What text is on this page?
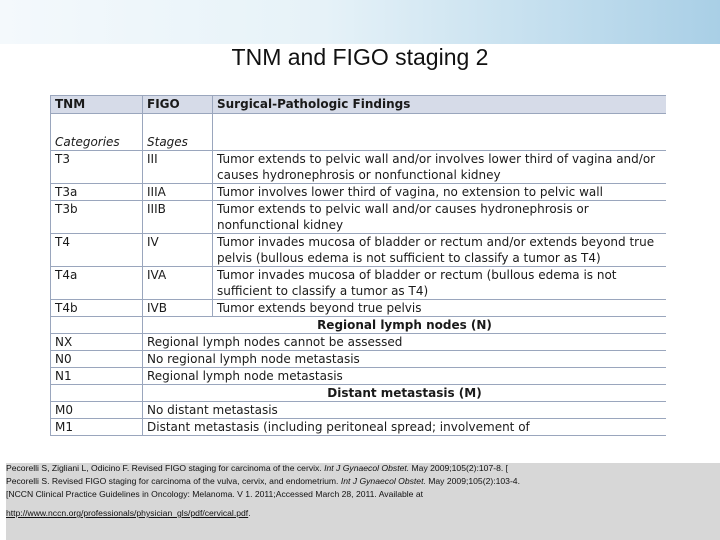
TNM and FIGO staging 2
TNM	FIGO	Surgical-Pathologic Findings

Categories	Stages	
T3	III	Tumor extends to pelvic wall and/or involves lower third of vagina and/or causes hydronephrosis or nonfunctional kidney
T3a	IIIA	Tumor involves lower third of vagina, no extension to pelvic wall
T3b	IIIB	Tumor extends to pelvic wall and/or causes hydronephrosis or nonfunctional kidney
T4	IV	Tumor invades mucosa of bladder or rectum and/or extends beyond true pelvis (bullous edema is not sufficient to classify a tumor as T4)
T4a	IVA	Tumor invades mucosa of bladder or rectum (bullous edema is not sufficient to classify a tumor as T4)
T4b	IVB	Tumor extends beyond true pelvis
	Regional lymph nodes (N)	
NX	Regional lymph nodes cannot be assessed	
N0	No regional lymph node metastasis	
N1	Regional lymph node metastasis	
	Distant metastasis (M)	
M0	No distant metastasis	
M1	Distant metastasis (including peritoneal spread; involvement of	
Pecorelli S, Zigliani L, Odicino F. Revised FIGO staging for carcinoma of the cervix. Int J Gynaecol Obstet. May 2009;105(2):107-8. [
Pecorelli S. Revised FIGO staging for carcinoma of the vulva, cervix, and endometrium. Int J Gynaecol Obstet. May 2009;105(2):103-4.
[NCCN Clinical Practice Guidelines in Oncology: Melanoma. V 1. 2011;Accessed March 28, 2011. Available at
http://www.nccn.org/professionals/physician_gls/pdf/cervical.pdf.
